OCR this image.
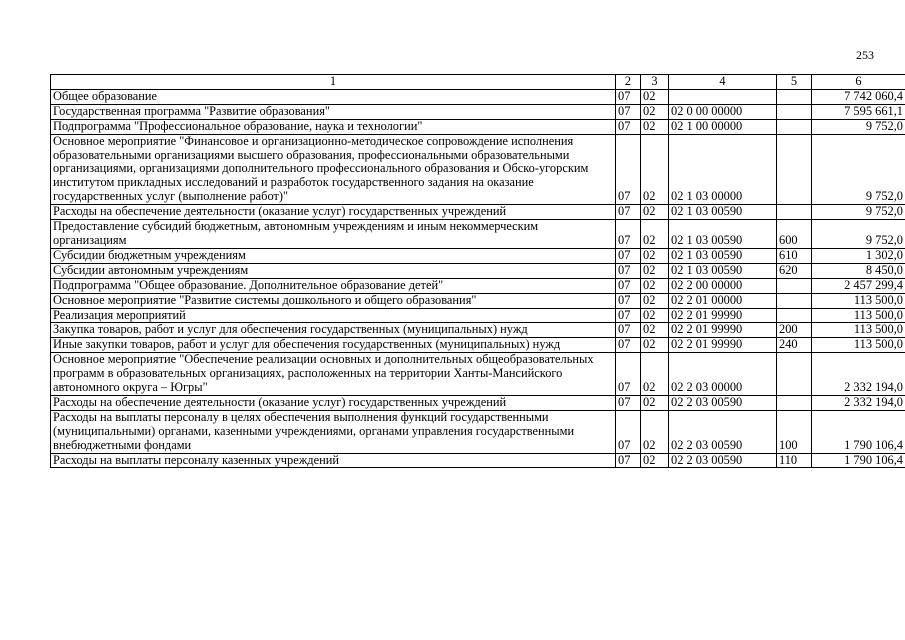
253
1	2	3	4	5	6
Общее образование	07	02			7 742 060,4
Государственная программа "Развитие образования"	07	02	02 0 00 00000		7 595 661,1
Подпрограмма "Профессиональное образование, наука и технологии"	07	02	02 1 00 00000		9 752,0
Основное мероприятие "Финансовое и организационно-методическое сопровождение исполнения образовательными организациями высшего образования, профессиональными образовательными организациями, организациями дополнительного профессионального образования и Обско-угорским институтом прикладных исследований и разработок государственного задания на оказание государственных услуг (выполнение работ)"	07	02	02 1 03 00000		9 752,0
Расходы на обеспечение деятельности (оказание услуг) государственных учреждений	07	02	02 1 03 00590		9 752,0
Предоставление субсидий бюджетным, автономным учреждениям и иным некоммерческим организациям	07	02	02 1 03 00590	600	9 752,0
Субсидии бюджетным учреждениям	07	02	02 1 03 00590	610	1 302,0
Субсидии автономным учреждениям	07	02	02 1 03 00590	620	8 450,0
Подпрограмма "Общее образование. Дополнительное образование детей"	07	02	02 2 00 00000		2 457 299,4
Основное мероприятие "Развитие системы дошкольного и общего образования"	07	02	02 2 01 00000		113 500,0
Реализация мероприятий	07	02	02 2 01 99990		113 500,0
Закупка товаров, работ и услуг для обеспечения государственных (муниципальных) нужд	07	02	02 2 01 99990	200	113 500,0
Иные закупки товаров, работ и услуг для обеспечения государственных (муниципальных) нужд	07	02	02 2 01 99990	240	113 500,0
Основное мероприятие "Обеспечение реализации основных и дополнительных общеобразовательных программ в образовательных организациях, расположенных на территории Ханты-Мансийского автономного округа – Югры"	07	02	02 2 03 00000		2 332 194,0
Расходы на обеспечение деятельности (оказание услуг) государственных учреждений	07	02	02 2 03 00590		2 332 194,0
Расходы на выплаты персоналу в целях обеспечения выполнения функций государственными (муниципальными) органами, казенными учреждениями, органами управления государственными внебюджетными фондами	07	02	02 2 03 00590	100	1 790 106,4
Расходы на выплаты персоналу казенных учреждений	07	02	02 2 03 00590	110	1 790 106,4
